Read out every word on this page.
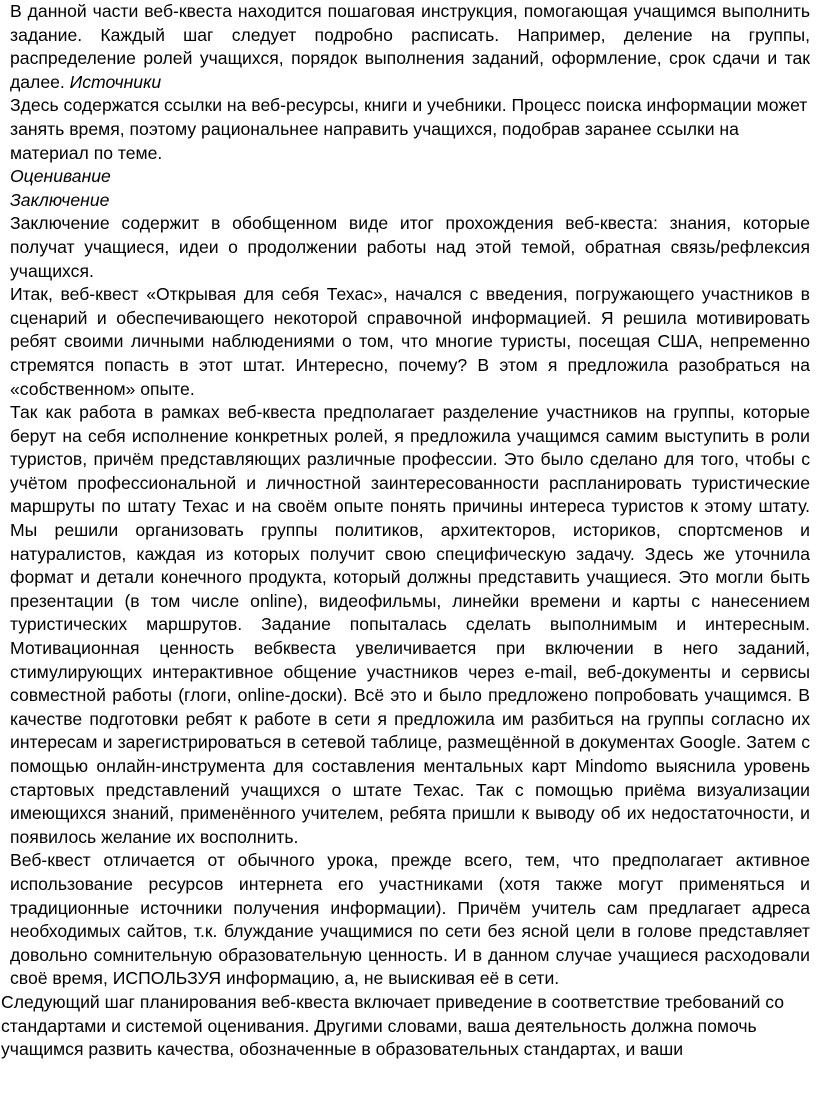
В данной части веб-квеста находится пошаговая инструкция, помогающая учащимся выполнить задание. Каждый шаг следует подробно расписать. Например, деление на группы, распределение ролей учащихся, порядок выполнения заданий, оформление, срок сдачи и так далее. Источники

Здесь содержатся ссылки на веб-ресурсы, книги и учебники. Процесс поиска информации может занять время, поэтому рациональнее направить учащихся, подобрав заранее ссылки на материал по теме.

Оценивание

Заключение

Заключение содержит в обобщенном виде итог прохождения веб-квеста: знания, которые получат учащиеся, идеи о продолжении работы над этой темой, обратная связь/рефлексия учащихся.

Итак, веб-квест «Открывая для себя Техас», начался с введения, погружающего участников в сценарий и обеспечивающего некоторой справочной информацией. Я решила мотивировать ребят своими личными наблюдениями о том, что многие туристы, посещая США, непременно стремятся попасть в этот штат. Интересно, почему? В этом я предложила разобраться на «собственном» опыте.

Так как работа в рамках веб-квеста предполагает разделение участников на группы, которые берут на себя исполнение конкретных ролей, я предложила учащимся самим выступить в роли туристов, причём представляющих различные профессии. Это было сделано для того, чтобы с учётом профессиональной и личностной заинтересованности распланировать туристические маршруты по штату Техас и на своём опыте понять причины интереса туристов к этому штату. Мы решили организовать группы политиков, архитекторов, историков, спортсменов и натуралистов, каждая из которых получит свою специфическую задачу. Здесь же уточнила формат и детали конечного продукта, который должны представить учащиеся. Это могли быть презентации (в том числе online), видеофильмы, линейки времени и карты с нанесением туристических маршрутов. Задание попыталась сделать выполнимым и интересным. Мотивационная ценность вебквеста увеличивается при включении в него заданий, стимулирующих интерактивное общение участников через e-mail, веб-документы и сервисы совместной работы (глоги, online-доски). Всё это и было предложено попробовать учащимся. В качестве подготовки ребят к работе в сети я предложила им разбиться на группы согласно их интересам и зарегистрироваться в сетевой таблице, размещённой в документах Google. Затем с помощью онлайн-инструмента для составления ментальных карт Mindomo выяснила уровень стартовых представлений учащихся о штате Техас. Так с помощью приёма визуализации имеющихся знаний, применённого учителем, ребята пришли к выводу об их недостаточности, и появилось желание их восполнить.

Веб-квест отличается от обычного урока, прежде всего, тем, что предполагает активное использование ресурсов интернета его участниками (хотя также могут применяться и традиционные источники получения информации). Причём учитель сам предлагает адреса необходимых сайтов, т.к. блуждание учащимися по сети без ясной цели в голове представляет довольно сомнительную образовательную ценность. И в данном случае учащиеся расходовали своё время, ИСПОЛЬЗУЯ информацию, а, не выискивая её в сети.

Следующий шаг планирования веб-квеста включает приведение в соответствие требований со стандартами и системой оценивания. Другими словами, ваша деятельность должна помочь учащимся развить качества, обозначенные в образовательных стандартах, и ваши
